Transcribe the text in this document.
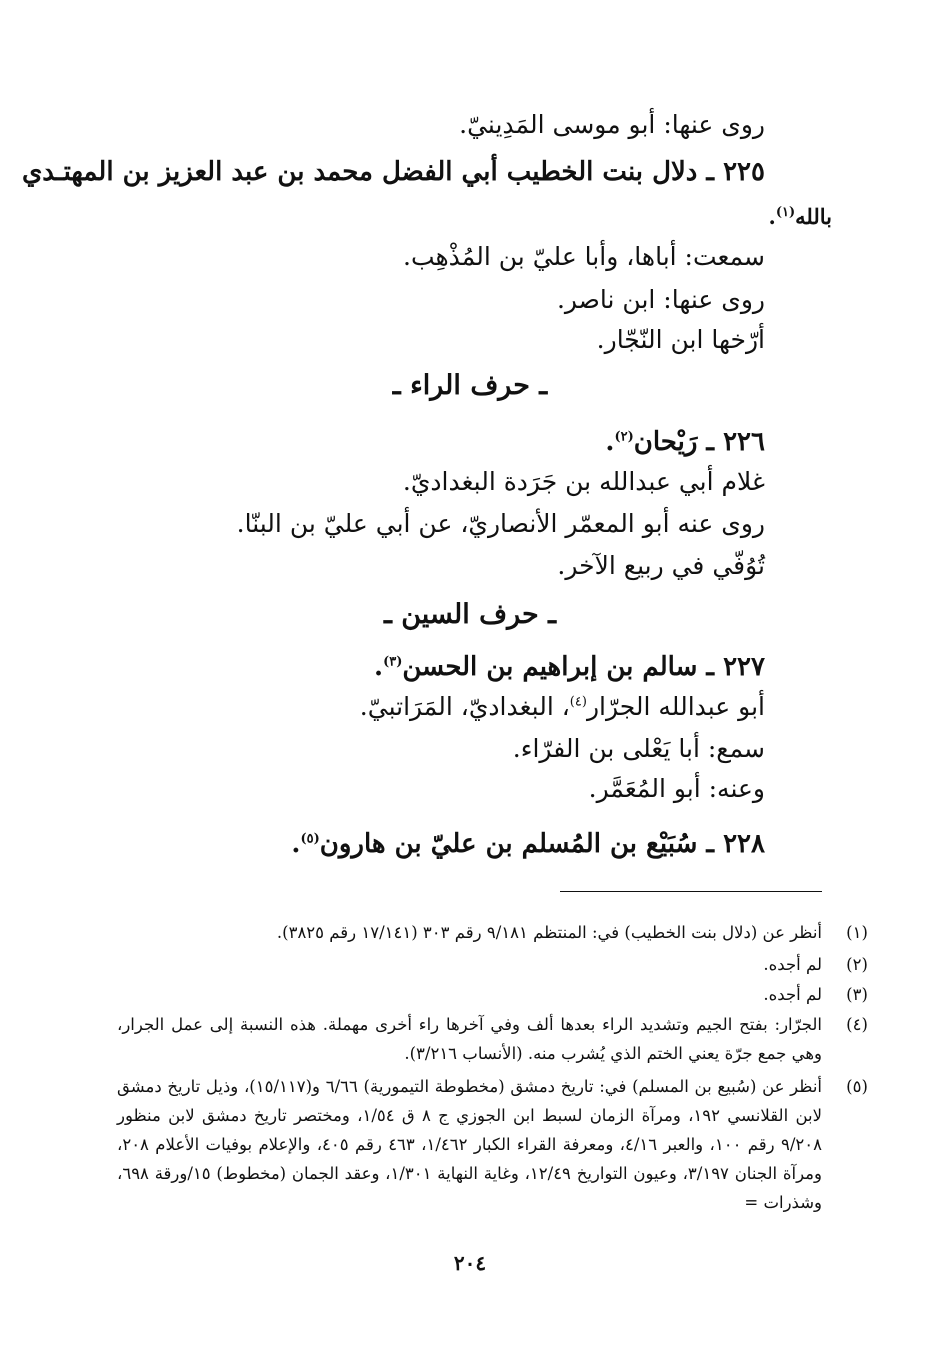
روى عنها: أبو موسى المَدِينيّ.
٢٢٥ ـ دلال بنت الخطيب أبي الفضل محمد بن عبد العزيز بن المهتـدي
بالله$^{(١)}$.
سمعت: أباها، وأبا عليّ بن المُذْهِب.
روى عنها: ابن ناصر.
أرّخها ابن النّجّار.
ـ حرف الراء ـ
٢٢٦ ـ رَيْحان$^{(٢)}$.
غلام أبي عبدالله بن جَرَدة البغداديّ.
روى عنه أبو المعمّر الأنصاريّ، عن أبي عليّ بن البنّا.
تُوُفّي في ربيع الآخر.
ـ حرف السين ـ
٢٢٧ ـ سالم بن إبراهيم بن الحسن$^{(٣)}$.
أبو عبدالله الجرّار$^{(٤)}$، البغداديّ، المَرَاتبيّ.
سمع: أبا يَعْلى بن الفرّاء.
وعنه: أبو المُعَمَّر.
٢٢٨ ـ سُبَيْع بن المُسلم بن عليّ بن هارون$^{(٥)}$.
(١)
أنظر عن (دلال بنت الخطيب) في: المنتظم ٩/١٨١ رقم ٣٠٣ (١٧/١٤١ رقم ٣٨٢٥).
(٢)
لم أجده.
(٣)
لم أجده.
(٤)
الجرّار: بفتح الجيم وتشديد الراء بعدها ألف وفي آخرها راء أخرى مهملة. هذه النسبة إلى عمل الجرار، وهي جمع جرّة يعني الختم الذي يُشرب منه. (الأنساب ٣/٢١٦).
(٥)
أنظر عن (سُبيع بن المسلم) في: تاريخ دمشق (مخطوطة التيمورية) ٦/٦٦ و(١٥/١١٧)، وذيل تاريخ دمشق لابن القلانسي ١٩٢، ومرآة الزمان لسبط ابن الجوزي ج ٨ ق ١/٥٤، ومختصر تاريخ دمشق لابن منظور ٩/٢٠٨ رقم ١٠٠، والعبر ٤/١٦، ومعرفة القراء الكبار ١/٤٦٢، ٤٦٣ رقم ٤٠٥، والإعلام بوفيات الأعلام ٢٠٨، ومرآة الجنان ٣/١٩٧، وعيون التواريخ ١٢/٤٩، وغاية النهاية ١/٣٠١، وعقد الجمان (مخطوط) ١٥/ورقة ٦٩٨، وشذرات =
٢٠٤
